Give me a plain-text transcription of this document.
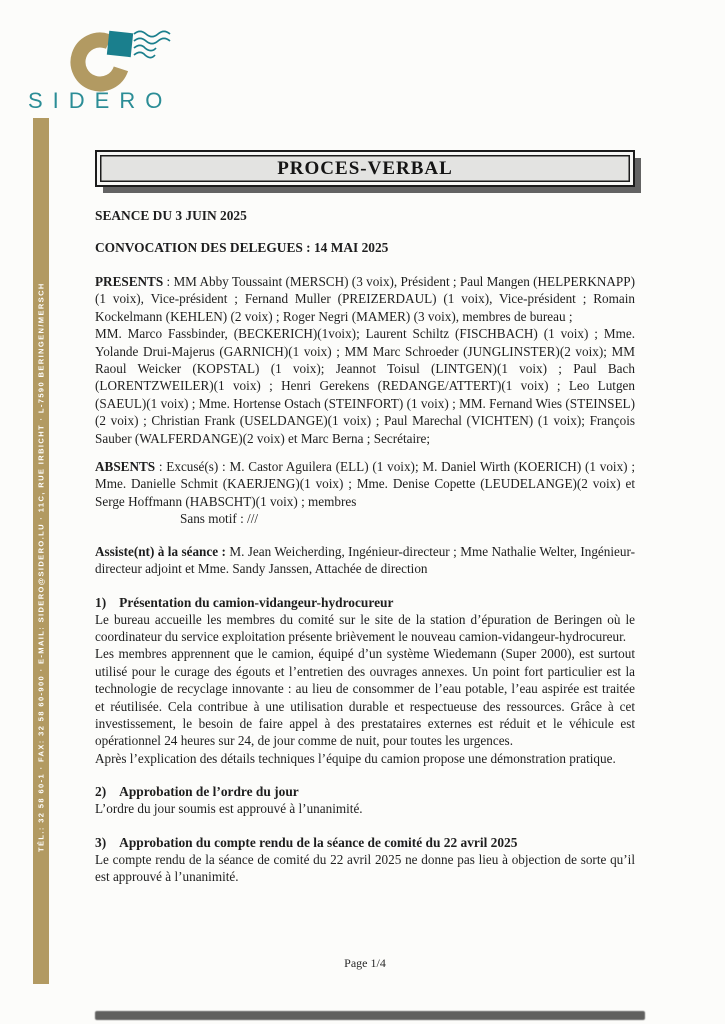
SIDERO
TÉL.: 32 58 60-1 · FAX: 32 58 60-900 · E-MAIL: SIDERO@SIDERO.LU · 11C, RUE IRBICHT · L-7590 BERINGEN/MERSCH
PROCES-VERBAL

SEANCE DU 3 JUIN 2025

CONVOCATION DES DELEGUES : 14 MAI 2025

PRESENTS : MM Abby Toussaint (MERSCH) (3 voix), Président ; Paul Mangen (HELPERKNAPP) (1 voix), Vice-président ; Fernand Muller (PREIZERDAUL) (1 voix), Vice-président ; Romain Kockelmann (KEHLEN) (2 voix) ; Roger Negri (MAMER) (3 voix), membres de bureau ;

MM. Marco Fassbinder, (BECKERICH)(1voix); Laurent Schiltz (FISCHBACH) (1 voix) ; Mme. Yolande Drui-Majerus (GARNICH)(1 voix) ; MM Marc Schroeder (JUNGLINSTER)(2 voix); MM Raoul Weicker (KOPSTAL) (1 voix); Jeannot Toisul (LINTGEN)(1 voix) ; Paul Bach (LORENTZWEILER)(1 voix) ; Henri Gerekens (REDANGE/ATTERT)(1 voix) ; Leo Lutgen (SAEUL)(1 voix) ; Mme. Hortense Ostach (STEINFORT) (1 voix) ; MM. Fernand Wies (STEINSEL)(2 voix) ; Christian Frank (USELDANGE)(1 voix) ; Paul Marechal (VICHTEN) (1 voix); François Sauber (WALFERDANGE)(2 voix) et Marc Berna ; Secrétaire;

ABSENTS : Excusé(s) : M. Castor Aguilera (ELL) (1 voix); M. Daniel Wirth (KOERICH) (1 voix) ; Mme. Danielle Schmit (KAERJENG)(1 voix) ; Mme. Denise Copette (LEUDELANGE)(2 voix) et Serge Hoffmann (HABSCHT)(1 voix) ; membres

Sans motif : ///

Assiste(nt) à la séance : M. Jean Weicherding, Ingénieur-directeur ; Mme Nathalie Welter, Ingénieur-directeur adjoint et Mme. Sandy Janssen, Attachée de direction

1) Présentation du camion-vidangeur-hydrocureur

Le bureau accueille les membres du comité sur le site de la station d’épuration de Beringen où le coordinateur du service exploitation présente brièvement le nouveau camion-vidangeur-hydrocureur.

Les membres apprennent que le camion, équipé d’un système Wiedemann (Super 2000), est surtout utilisé pour le curage des égouts et l’entretien des ouvrages annexes. Un point fort particulier est la technologie de recyclage innovante : au lieu de consommer de l’eau potable, l’eau aspirée est traitée et réutilisée. Cela contribue à une utilisation durable et respectueuse des ressources. Grâce à cet investissement, le besoin de faire appel à des prestataires externes est réduit et le véhicule est opérationnel 24 heures sur 24, de jour comme de nuit, pour toutes les urgences.

Après l’explication des détails techniques l’équipe du camion propose une démonstration pratique.

2) Approbation de l’ordre du jour

L’ordre du jour soumis est approuvé à l’unanimité.

3) Approbation du compte rendu de la séance de comité du 22 avril 2025

Le compte rendu de la séance de comité du 22 avril 2025 ne donne pas lieu à objection de sorte qu’il est approuvé à l’unanimité.

Page 1/4
